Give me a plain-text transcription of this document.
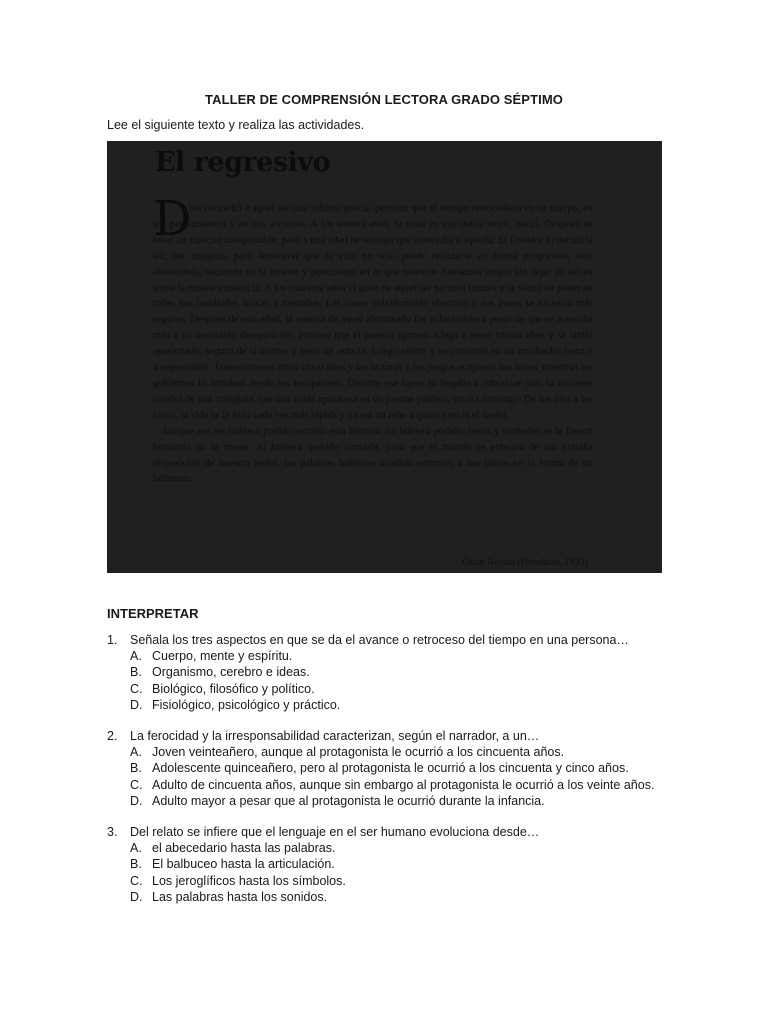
TALLER DE COMPRENSIÓN LECTORA GRADO SÉPTIMO
Lee el siguiente texto y realiza las actividades.
El regresivo
D

ios concedió a aquel ser una infinita gracia: permitir que el tiempo retrocediera en su cuerpo, en sus pensamientos y en sus acciones. A los setenta años, la edad en que debía morir, nació. Después de tener un carácter insoportable, pasó a una edad de sosiego que antecedía a aquella. El Creador lo decidiría así, me imagino, para demostrar que la vida no sólo puede realizarse en forma progresiva, sino alterándola, naciendo en la muerte y pereciendo en lo que nosotros llamamos origen sin dejar de ser en suma la misma existencia. A los cuarenta años el gozo de aquel ser no tuvo límites y se sintió en poder de todas sus facultades físicas y mentales. Las canas volviéronsele obscuras y sus pasos se hicieron más seguros. Después de esta edad, la sonrisa de aquel afortunado fue aclarándose a pesar de que se acercaba más a su inevitable desaparición, proceso que él parecía ignorar. Llegó a tener treinta años y se sintió apasionado, seguro de sí mismo y lleno de astucia. Luego veinte y se convirtió en un muchacho feroz e irresponsable. Transcurrieron otros cinco años y las lecturas y los juegos ocuparon sus horas, mientras los gobiernos lo tentaban desde los escaparates. Durante ese lapso lo llegaba a ruborizar más la inocente sonrisa de una colegiala, que una caída aparatosa en un parque público, un día domingo. De los diez a los cinco, la vida se le hizo cada vez más rápida y ya era un niño a quien vencía el sueño.

Aunque ese ser hubiera podido escribir esta historia, no hubiera podido: letras y símbolos se le fueron borrando de la mente. Si hubiera querido contarla, para que el mundo se enterara de tan extraña disposición de nuestro Señor, las palabras hubieran acudido entonces a sus labios en la forma de un balbuceo.

Óscar Acosta (Honduras, 1933)
INTERPRETAR
1.	Señala los tres aspectos en que se da el avance o retroceso del tiempo en una persona…
A. Cuerpo, mente y espíritu.
B. Organismo, cerebro e ideas.
C. Biológico, filosófico y político.
D. Fisiológico, psicológico y práctico.
2.	La ferocidad y la irresponsabilidad caracterizan, según el narrador, a un…
A. Joven veinteañero, aunque al protagonista le ocurrió a los cincuenta años.
B. Adolescente quinceañero, pero al protagonista le ocurrió a los cincuenta y cinco años.
C. Adulto de cincuenta años, aunque sin embargo al protagonista le ocurrió a los veinte años.
D. Adulto mayor a pesar que al protagonista le ocurrió durante la infancia.
3.	Del relato se infiere que el lenguaje en el ser humano evoluciona desde…
A. el abecedario hasta las palabras.
B. El balbuceo hasta la articulación.
C. Los jeroglíficos hasta los símbolos.
D. Las palabras hasta los sonidos.
